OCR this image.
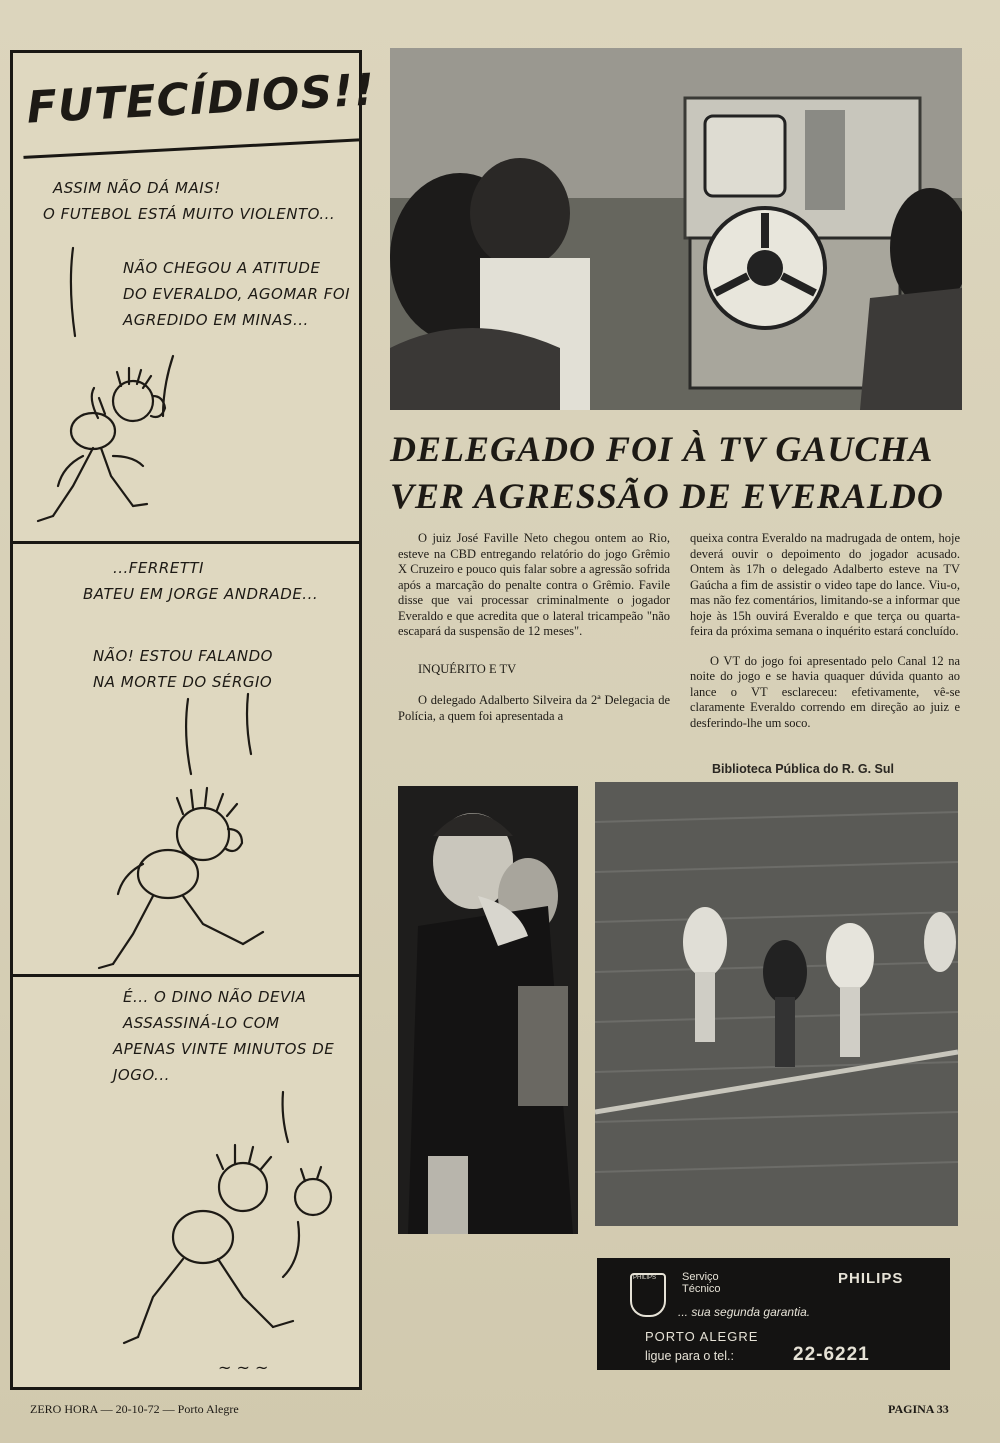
FUTECÍDIOS!!
ASSIM NÃO DÁ MAIS!
O FUTEBOL ESTÁ MUITO VIOLENTO...
NÃO CHEGOU A ATITUDE
DO EVERALDO, AGOMAR FOI
AGREDIDO EM MINAS...
...FERRETTI
BATEU EM JORGE ANDRADE...
NÃO! ESTOU FALANDO
NA MORTE DO SÉRGIO
É... O DINO NÃO DEVIA
ASSASSINÁ-LO COM
APENAS VINTE MINUTOS DE
JOGO...
~ ~ ~
DELEGADO FOI À TV GAUCHA
VER AGRESSÃO DE EVERALDO

O juiz José Faville Neto chegou ontem ao Rio, esteve na CBD entregando relatório do jogo Grêmio X Cruzeiro e pouco quis falar sobre a agressão sofrida após a marcação do penalte contra o Grêmio. Favile disse que vai processar criminalmente o jogador Everaldo e que acredita que o lateral tricampeão "não escapará da suspensão de 12 meses".

INQUÉRITO E TV

O delegado Adalberto Silveira da 2ª Delegacia de Polícia, a quem foi apresentada a

queixa contra Everaldo na madrugada de ontem, hoje deverá ouvir o depoimento do jogador acusado. Ontem às 17h o delegado Adalberto esteve na TV Gaúcha a fim de assistir o video tape do lance. Viu-o, mas não fez comentários, limitando-se a informar que hoje às 15h ouvirá Everaldo e que terça ou quarta-feira da próxima semana o inquérito estará concluído.

O VT do jogo foi apresentado pelo Canal 12 na noite do jogo e se havia quaquer dúvida quanto ao lance o VT esclareceu: efetivamente, vê-se claramente Everaldo correndo em direção ao juiz e desferindo-lhe um soco.

Biblioteca Pública do R. G. Sul
PHILIPS Serviço
Técnico
PHILIPS
... sua segunda garantia.
PORTO ALEGRE
ligue para o tel.:	22-6221
ZERO HORA — 20-10-72 — Porto Alegre	PAGINA 33
